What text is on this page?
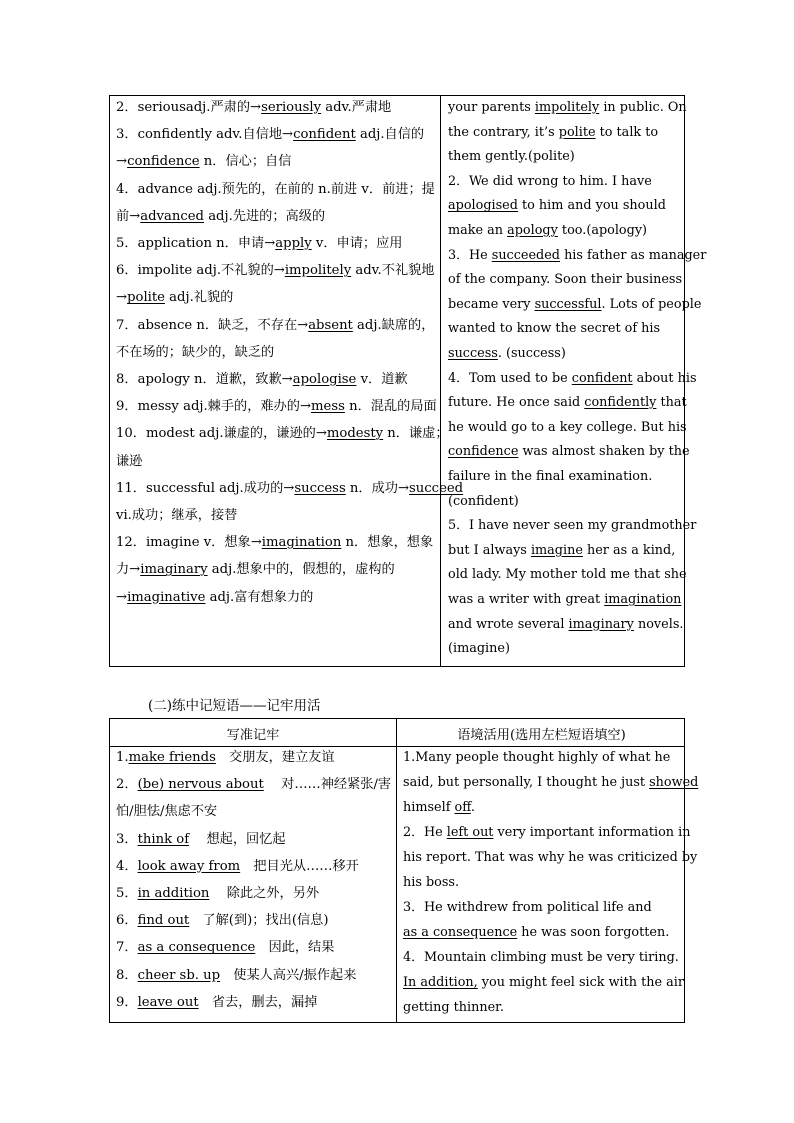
2．seriousadj.严肃的→seriously adv.严肃地
3．confidently adv.自信地→confident adj.自信的
→confidence n．信心；自信
4．advance adj.预先的，在前的 n.前进 v．前进；提
前→advanced adj.先进的；高级的
5．application n．申请→apply v．申请；应用
6．impolite adj.不礼貌的→impolitely adv.不礼貌地
→polite adj.礼貌的
7．absence n．缺乏，不存在→absent adj.缺席的，
不在场的；缺少的，缺乏的
8．apology n．道歉，致歉→apologise v．道歉
9．messy adj.棘手的，难办的→mess n．混乱的局面
10．modest adj.谦虚的，谦逊的→modesty n．谦虚；
谦逊
11．successful adj.成功的→success n．成功→succeed
vi.成功；继承，接替
12．imagine v．想象→imagination n．想象，想象
力→imaginary adj.想象中的，假想的，虚构的
→imaginative adj.富有想象力的
your parents impolitely in public. On
the contrary, it’s polite to talk to
them gently.(polite)
2．We did wrong to him. I have
apologised to him and you should
make an apology too.(apology)
3．He succeeded his father as manager
of the company. Soon their business
became very successful. Lots of people
wanted to know the secret of his
success. (success)
4．Tom used to be confident about his
future. He once said confidently that
he would go to a key college. But his
confidence was almost shaken by the
failure in the final examination.
(confident)
5．I have never seen my grandmother
but I always imagine her as a kind,
old lady. My mother told me that she
was a writer with great imagination
and wrote several imaginary novels.
(imagine)
(二)练中记短语——记牢用活
写准记牢	语境活用(选用左栏短语填空)
1.make friends　交朋友，建立友谊
2．(be) nervous about　 对……神经紧张/害
怕/胆怯/焦虑不安
3．think of　 想起，回忆起
4．look away from　把目光从……移开
5．in addition　 除此之外，另外
6．find out　了解(到)；找出(信息)
7．as a consequence　因此，结果
8．cheer sb. up　使某人高兴/振作起来
9．leave out　省去，删去，漏掉
1.Many people thought highly of what he
said, but personally, I thought he just showed
himself off.
2．He left out very important information in
his report. That was why he was criticized by
his boss.
3．He withdrew from political life and
as a consequence he was soon forgotten.
4．Mountain climbing must be very tiring.
In addition, you might feel sick with the air
getting thinner.
